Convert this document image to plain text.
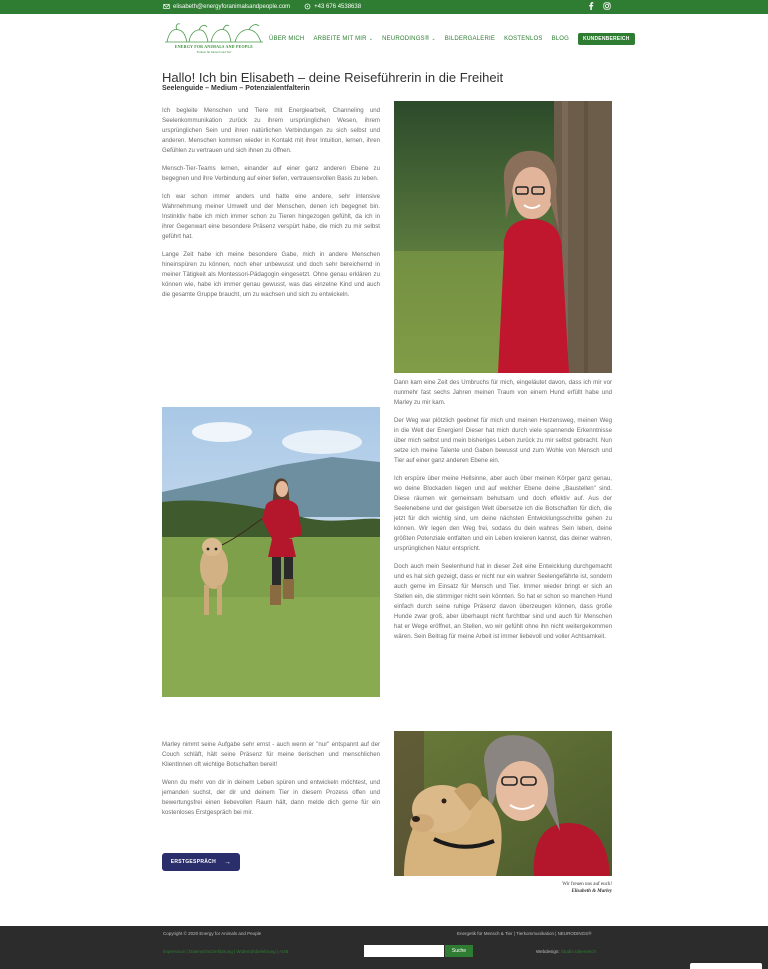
elisabeth@energyforanimalsandpeople.com	+43 676 4538638
ENERGY FOR ANIMALS AND PEOPLE
Freiheit für Mensch und Tier
ÜBER MICH ARBEITE MIT MIR ⌄ NEURODINGS® ⌄ BILDERGALERIE KOSTENLOS BLOG	KUNDENBEREICH
Hallo! Ich bin Elisabeth – deine Reiseführerin in die Freiheit
Seelenguide – Medium – Potenzialentfalterin

Ich begleite Menschen und Tiere mit Energiearbeit, Channeling und Seelenkommunikation zurück zu ihrem ursprünglichen Wesen, ihrem ursprünglichen Sein und ihren natürlichen Verbindungen zu sich selbst und anderen. Menschen kommen wieder in Kontakt mit ihrer Intuition, lernen, ihren Gefühlen zu vertrauen und sich ihnen zu öffnen.

Mensch-Tier-Teams lernen, einander auf einer ganz anderen Ebene zu begegnen und ihre Verbindung auf einer tiefen, vertrauensvollen Basis zu leben.

Ich war schon immer anders und hatte eine andere, sehr intensive Wahrnehmung meiner Umwelt und der Menschen, denen ich begegnet bin. Instinktiv habe ich mich immer schon zu Tieren hingezogen gefühlt, da ich in ihrer Gegenwart eine besondere Präsenz verspürt habe, die mich zu mir selbst geführt hat.

Lange Zeit habe ich meine besondere Gabe, mich in andere Menschen hineinspüren zu können, noch eher unbewusst und doch sehr bereichernd in meiner Tätigkeit als Montessori-Pädagogin eingesetzt. Ohne genau erklären zu können wie, habe ich immer genau gewusst, was das einzelne Kind und auch die gesamte Gruppe braucht, um zu wachsen und sich zu entwickeln.

Dann kam eine Zeit des Umbruchs für mich, eingeläutet davon, dass ich mir vor nunmehr fast sechs Jahren meinen Traum von einem Hund erfüllt habe und Marley zu mir kam.

Der Weg war plötzlich geebnet für mich und meinen Herzensweg, meinen Weg in die Welt der Energien! Dieser hat mich durch viele spannende Erkenntnisse über mich selbst und mein bisheriges Leben zurück zu mir selbst gebracht. Nun setze ich meine Talente und Gaben bewusst und zum Wohle von Mensch und Tier auf einer ganz anderen Ebene ein.

Ich erspüre über meine Hellsinne, aber auch über meinen Körper ganz genau, wo deine Blockaden liegen und auf welcher Ebene deine „Baustellen" sind. Diese räumen wir gemeinsam behutsam und doch effektiv auf. Aus der Seelenebene und der geistigen Welt übersetze ich die Botschaften für dich, die jetzt für dich wichtig sind, um deine nächsten Entwicklungsschritte gehen zu können. Wir legen den Weg frei, sodass du dein wahres Sein leben, deine größten Potenziale entfalten und ein Leben kreieren kannst, das deiner wahren, ursprünglichen Natur entspricht.

Doch auch mein Seelenhund hat in dieser Zeit eine Entwicklung durchgemacht und es hat sich gezeigt, dass er nicht nur ein wahrer Seelengefährte ist, sondern auch gerne im Einsatz für Mensch und Tier. Immer wieder bringt er sich an Stellen ein, die stimmiger nicht sein könnten. So hat er schon so manchen Hund einfach durch seine ruhige Präsenz davon überzeugen können, dass große Hunde zwar groß, aber überhaupt nicht furchtbar sind und auch für Menschen hat er Wege eröffnet, an Stellen, wo wir gefühlt ohne ihn nicht weitergekommen wären. Sein Beitrag für meine Arbeit ist immer liebevoll und voller Achtsamkeit.

Marley nimmt seine Aufgabe sehr ernst - auch wenn er "nur" entspannt auf der Couch schläft, hält seine Präsenz für meine tierischen und menschlichen KlientInnen oft wichtige Botschaften bereit!

Wenn du mehr von dir in deinem Leben spüren und entwickeln möchtest, und jemanden suchst, der dir und deinem Tier in diesem Prozess offen und bewertungsfrei einen liebevollen Raum hält, dann melde dich gerne für ein kostenloses Erstgespräch bei mir.

ERSTGESPRÄCH →
Wir freuen uns auf euch!
Elisabeth & Marley
Copyright © 2020 Energy for Animals and People	Energetik für Mensch & Tier | Tierkommunikation | NEURODINGS®
Impressum | Datenschutzerklärung | Widerrufsbelehrung | AGB	Suche	Webdesign: Studio Ideenreich
